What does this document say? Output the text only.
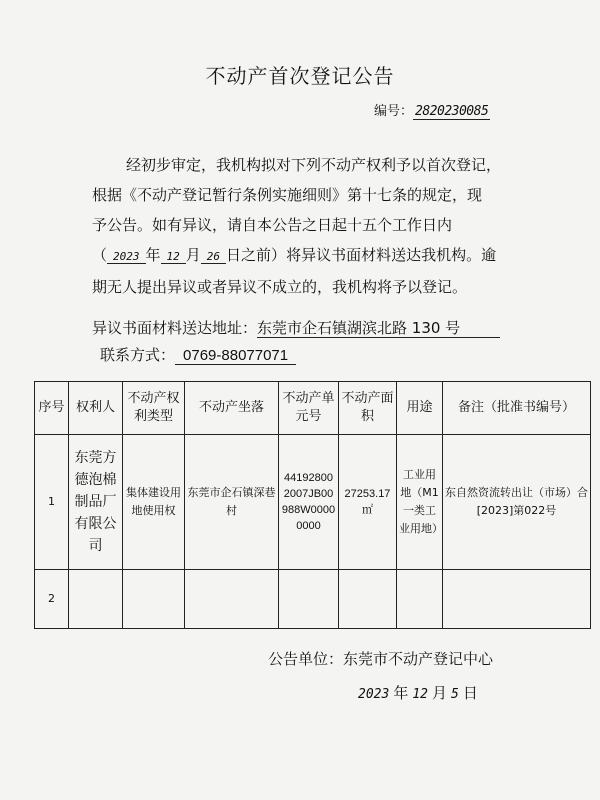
不动产首次登记公告
编号： 2820230085

经初步审定，我机构拟对下列不动产权利予以首次登记，

根据《不动产登记暂行条例实施细则》第十七条的规定，现

予公告。如有异议，请自本公告之日起十五个工作日内

（ 2023 年 12 月 26 日之前）将异议书面材料送达我机构。逾

期无人提出异议或者异议不成立的，我机构将予以登记。

异议书面材料送达地址：东莞市企石镇湖滨北路 130 号
联系方式： 0769-88077071
序号	权利人	不动产权利类型	不动产坐落	不动产单元号	不动产面积	用途	备注（批准书编号）
1	东莞方德泡棉制品厂有限公司	集体建设用地使用权	东莞市企石镇深巷村	441928002007JB00988W00000000	27253.17㎡	工业用地（M1一类工业用地）	东自然资流转出让（市场）合[2023]第022号
2							
公告单位：东莞市不动产登记中心
2023 年 12 月 5 日
